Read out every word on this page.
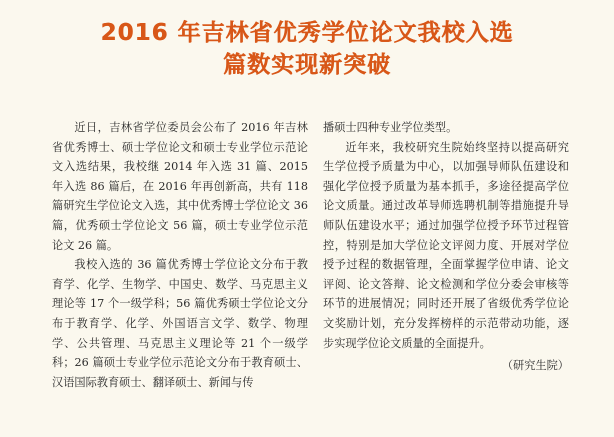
2016 年吉林省优秀学位论文我校入选
篇数实现新突破

近日，吉林省学位委员会公布了 2016 年吉林省优秀博士、硕士学位论文和硕士专业学位示范论文入选结果，我校继 2014 年入选 31 篇、2015 年入选 86 篇后，在 2016 年再创新高，共有 118 篇研究生学位论文入选，其中优秀博士学位论文 36 篇，优秀硕士学位论文 56 篇，硕士专业学位示范论文 26 篇。

我校入选的 36 篇优秀博士学位论文分布于教育学、化学、生物学、中国史、数学、马克思主义理论等 17 个一级学科；56 篇优秀硕士学位论文分布于教育学、化学、外国语言文学、数学、物理学、公共管理、马克思主义理论等 21 个一级学科；26 篇硕士专业学位示范论文分布于教育硕士、汉语国际教育硕士、翻译硕士、新闻与传

播硕士四种专业学位类型。

近年来，我校研究生院始终坚持以提高研究生学位授予质量为中心，以加强导师队伍建设和强化学位授予质量为基本抓手，多途径提高学位论文质量。通过改革导师选聘机制等措施提升导师队伍建设水平；通过加强学位授予环节过程管控，特别是加大学位论文评阅力度、开展对学位授予过程的数据管理，全面掌握学位申请、论文评阅、论文答辩、论文检测和学位分委会审核等环节的进展情况；同时还开展了省级优秀学位论文奖励计划，充分发挥榜样的示范带动功能，逐步实现学位论文质量的全面提升。

（研究生院）
